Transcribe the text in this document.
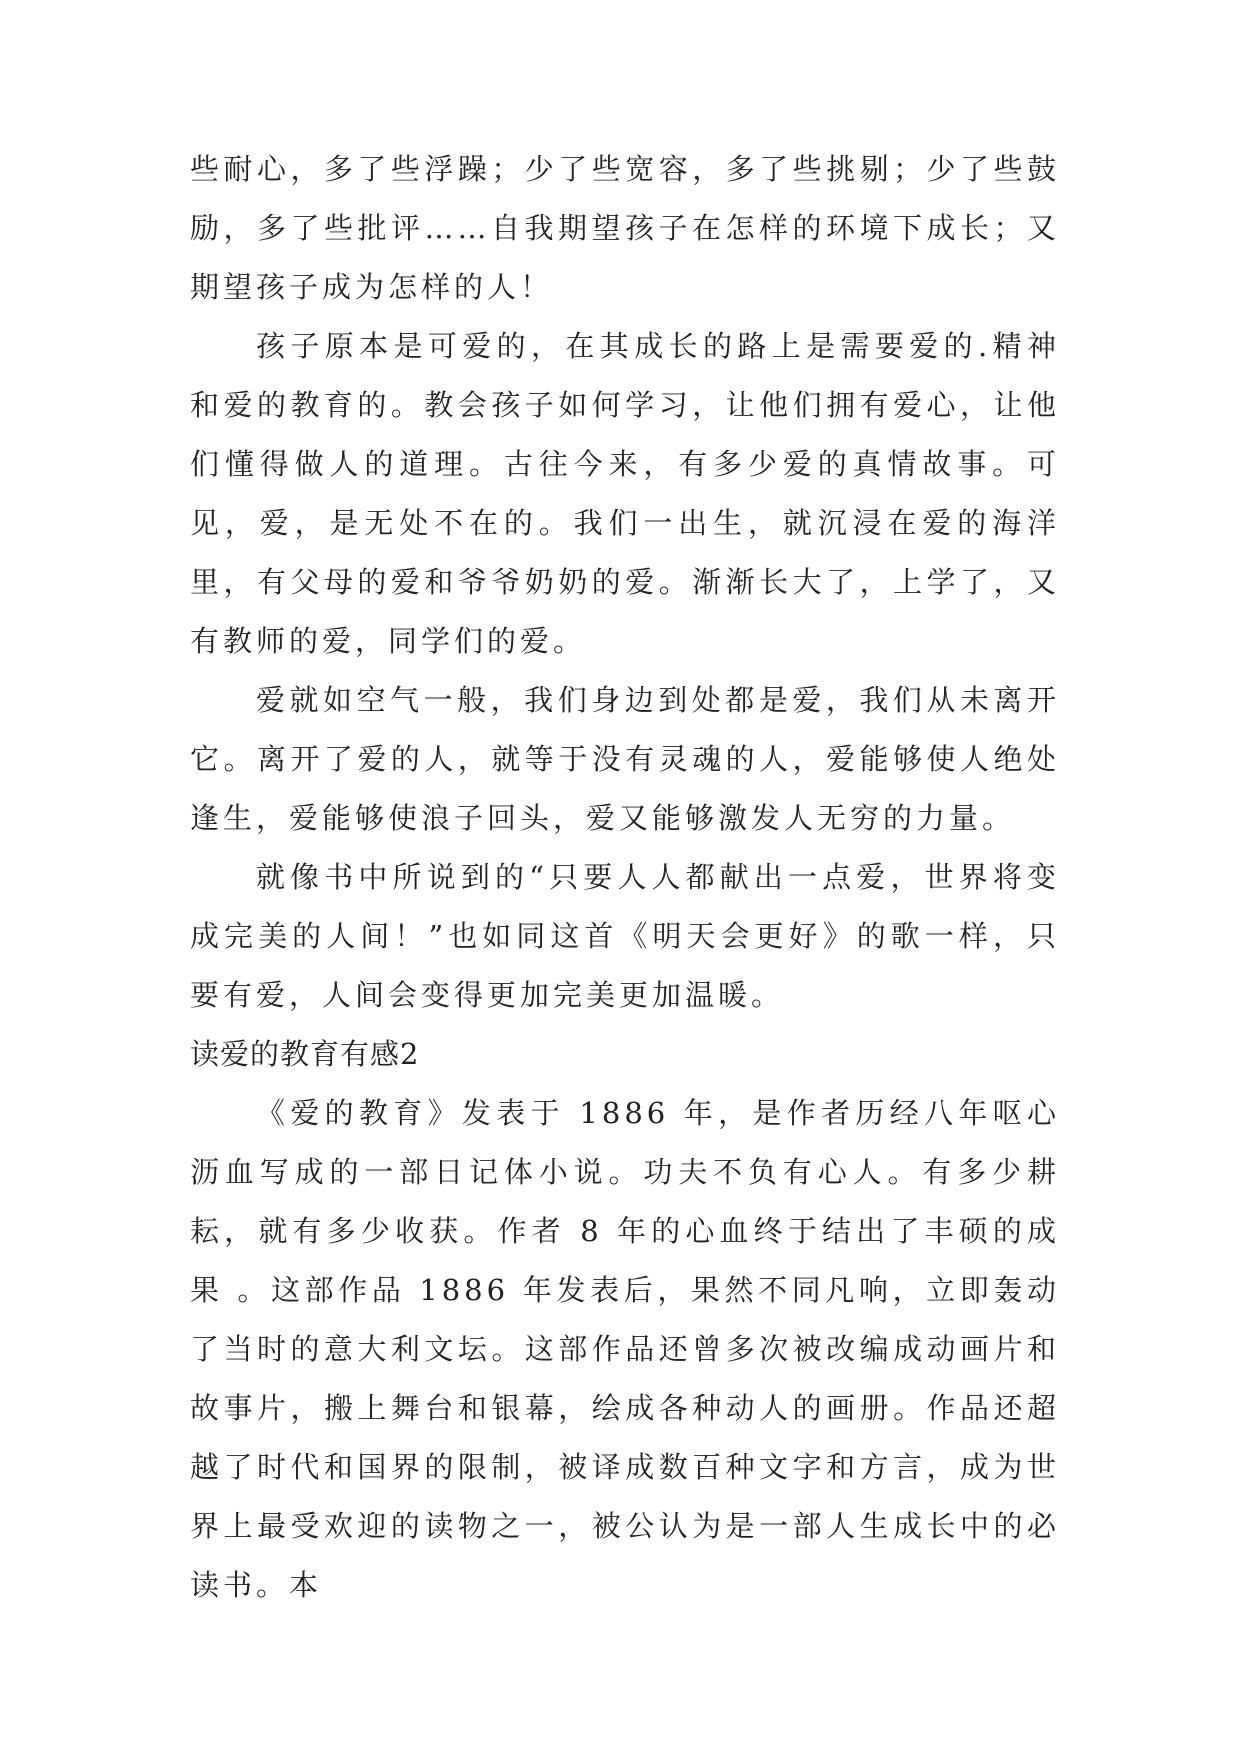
些耐心，多了些浮躁；少了些宽容，多了些挑剔；少了些鼓励，多了些批评……自我期望孩子在怎样的环境下成长；又期望孩子成为怎样的人！

孩子原本是可爱的，在其成长的路上是需要爱的.精神和爱的教育的。教会孩子如何学习，让他们拥有爱心，让他们懂得做人的道理。古往今来，有多少爱的真情故事。可见，爱，是无处不在的。我们一出生，就沉浸在爱的海洋里，有父母的爱和爷爷奶奶的爱。渐渐长大了，上学了，又有教师的爱，同学们的爱。

爱就如空气一般，我们身边到处都是爱，我们从未离开它。离开了爱的人，就等于没有灵魂的人，爱能够使人绝处逢生，爱能够使浪子回头，爱又能够激发人无穷的力量。

就像书中所说到的“只要人人都献出一点爱，世界将变成完美的人间！”也如同这首《明天会更好》的歌一样，只要有爱，人间会变得更加完美更加温暖。

读爱的教育有感2

《爱的教育》发表于 1886 年，是作者历经八年呕心沥血写成的一部日记体小说。功夫不负有心人。有多少耕耘，就有多少收获。作者 8 年的心血终于结出了丰硕的成果 。这部作品 1886 年发表后，果然不同凡响，立即轰动了当时的意大利文坛。这部作品还曾多次被改编成动画片和故事片，搬上舞台和银幕，绘成各种动人的画册。作品还超越了时代和国界的限制，被译成数百种文字和方言，成为世界上最受欢迎的读物之一，被公认为是一部人生成长中的必读书。本
